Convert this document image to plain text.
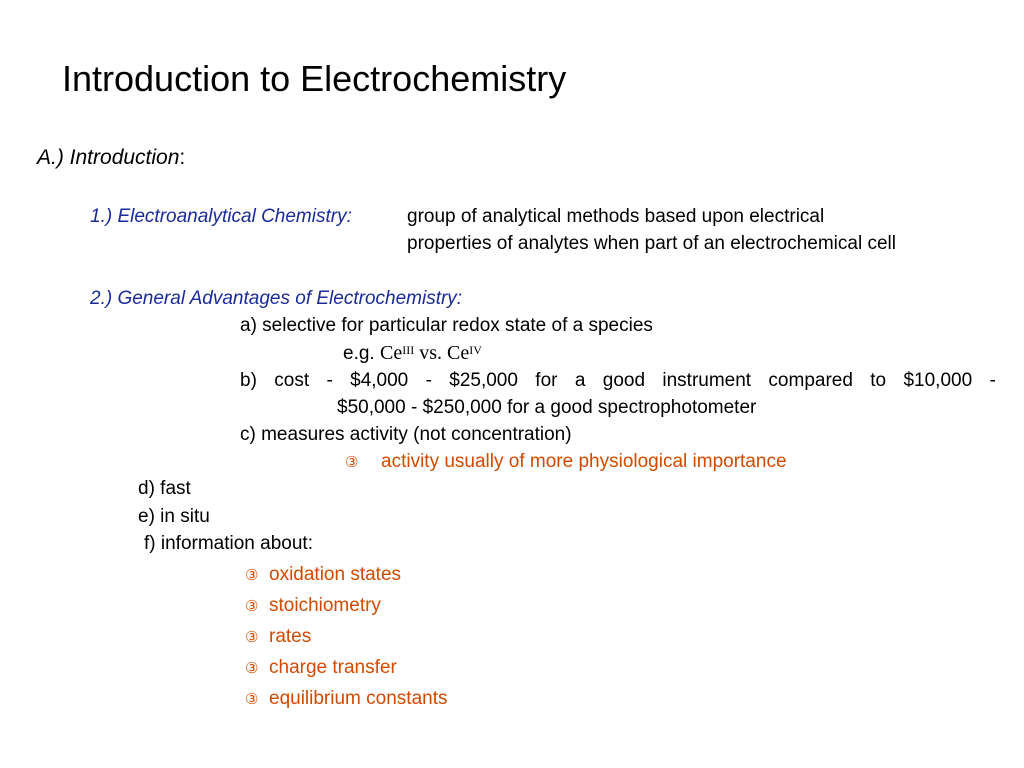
Introduction to Electrochemistry
A.) Introduction:
1.) Electroanalytical Chemistry:	group of analytical methods based upon electrical
properties of analytes when part of an electrochemical cell
2.) General Advantages of Electrochemistry:
a) selective for particular redox state of a species
e.g. $Ce^{III}$ vs. $Ce^{IV}$
b) cost - $4,000 - $25,000 for a good instrument compared to $10,000 -
$50,000 - $250,000 for a good spectrophotometer
c) measures activity (not concentration)
③ activity usually of more physiological importance
d) fast
e) in situ
f) information about:
③ oxidation states
③ stoichiometry
③ rates
③ charge transfer
③ equilibrium constants
